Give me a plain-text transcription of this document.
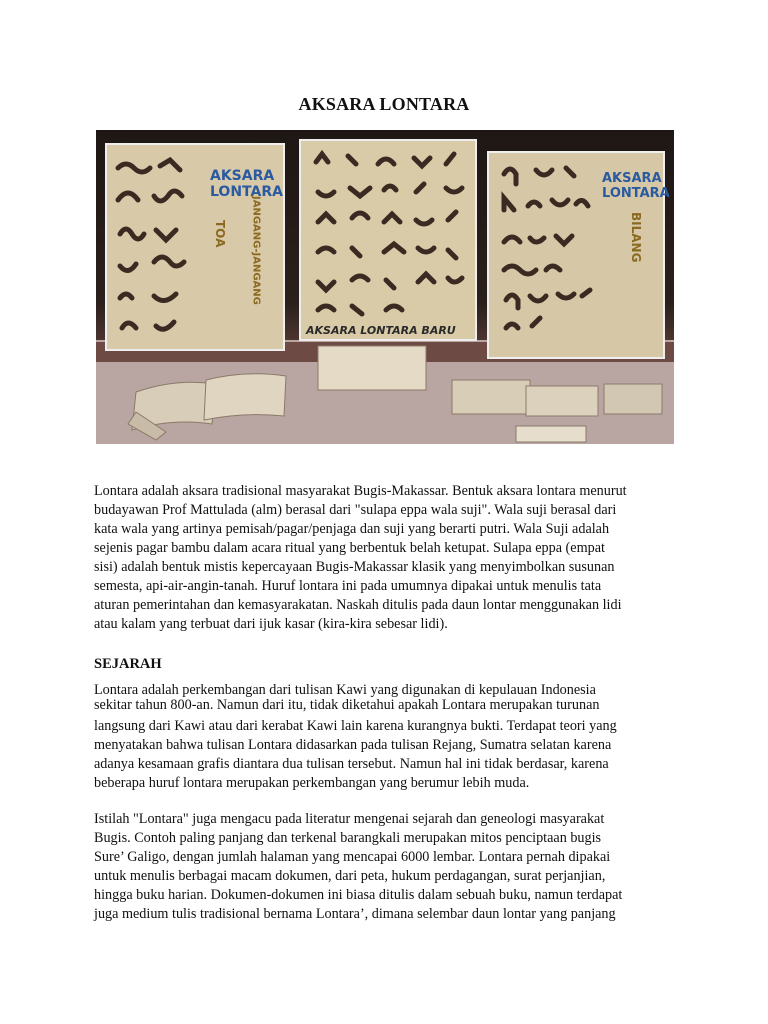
AKSARA LONTARA
AKSARA
LONTARA
TOA JANGANG-JANGANG
AKSARA LONTARA BARU
AKSARA
LONTARA
BILANG

Lontara adalah aksara tradisional masyarakat Bugis-Makassar. Bentuk aksara lontara menurut

budayawan Prof Mattulada (alm) berasal dari "sulapa eppa wala suji". Wala suji berasal dari

kata wala yang artinya pemisah/pagar/penjaga dan suji yang berarti putri. Wala Suji adalah

sejenis pagar bambu dalam acara ritual yang berbentuk belah ketupat. Sulapa eppa (empat

sisi) adalah bentuk mistis kepercayaan Bugis-Makassar klasik yang menyimbolkan susunan

semesta, api-air-angin-tanah. Huruf lontara ini pada umumnya dipakai untuk menulis tata

aturan pemerintahan dan kemasyarakatan. Naskah ditulis pada daun lontar menggunakan lidi

atau kalam yang terbuat dari ijuk kasar (kira-kira sebesar lidi).

SEJARAH

Lontara adalah perkembangan dari tulisan Kawi yang digunakan di kepulauan Indonesia

sekitar tahun 800-an. Namun dari itu, tidak diketahui apakah Lontara merupakan turunan

langsung dari Kawi atau dari kerabat Kawi lain karena kurangnya bukti. Terdapat teori yang

menyatakan bahwa tulisan Lontara didasarkan pada tulisan Rejang, Sumatra selatan karena

adanya kesamaan grafis diantara dua tulisan tersebut. Namun hal ini tidak berdasar, karena

beberapa huruf lontara merupakan perkembangan yang berumur lebih muda.

Istilah "Lontara" juga mengacu pada literatur mengenai sejarah dan geneologi masyarakat

Bugis. Contoh paling panjang dan terkenal barangkali merupakan mitos penciptaan bugis

Sure’ Galigo, dengan jumlah halaman yang mencapai 6000 lembar. Lontara pernah dipakai

untuk menulis berbagai macam dokumen, dari peta, hukum perdagangan, surat perjanjian,

hingga buku harian. Dokumen-dokumen ini biasa ditulis dalam sebuah buku, namun terdapat

juga medium tulis tradisional bernama Lontara’, dimana selembar daun lontar yang panjang
